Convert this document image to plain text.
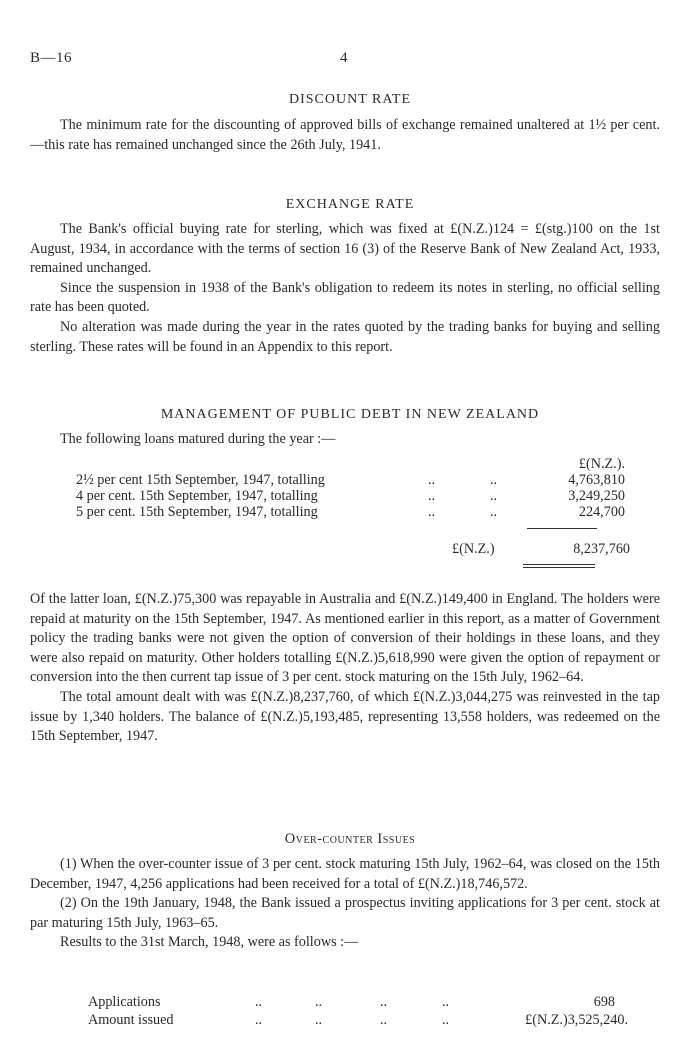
B—16	4
DISCOUNT RATE

The minimum rate for the discounting of approved bills of exchange remained unaltered at 1½ per cent.—this rate has remained unchanged since the 26th July, 1941.

EXCHANGE RATE

The Bank's official buying rate for sterling, which was fixed at £(N.Z.)124 = £(stg.)100 on the 1st August, 1934, in accordance with the terms of section 16 (3) of the Reserve Bank of New Zealand Act, 1933, remained unchanged.

Since the suspension in 1938 of the Bank's obligation to redeem its notes in sterling, no official selling rate has been quoted.

No alteration was made during the year in the rates quoted by the trading banks for buying and selling sterling. These rates will be found in an Appendix to this report.

MANAGEMENT OF PUBLIC DEBT IN NEW ZEALAND

The following loans matured during the year :—

£(N.Z.).
2½ per cent 15th September, 1947, totalling	..	..	4,763,810
4 per cent. 15th September, 1947, totalling	..	..	3,249,250
5 per cent. 15th September, 1947, totalling	..	..	224,700
£(N.Z.)	8,237,760

Of the latter loan, £(N.Z.)75,300 was repayable in Australia and £(N.Z.)149,400 in England. The holders were repaid at maturity on the 15th September, 1947. As mentioned earlier in this report, as a matter of Government policy the trading banks were not given the option of conversion of their holdings in these loans, and they were also repaid on maturity. Other holders totalling £(N.Z.)5,618,990 were given the option of repayment or conversion into the then current tap issue of 3 per cent. stock maturing on the 15th July, 1962–64.

The total amount dealt with was £(N.Z.)8,237,760, of which £(N.Z.)3,044,275 was reinvested in the tap issue by 1,340 holders. The balance of £(N.Z.)5,193,485, representing 13,558 holders, was redeemed on the 15th September, 1947.

Over-counter Issues

(1) When the over-counter issue of 3 per cent. stock maturing 15th July, 1962–64, was closed on the 15th December, 1947, 4,256 applications had been received for a total of £(N.Z.)18,746,572.

(2) On the 19th January, 1948, the Bank issued a prospectus inviting applications for 3 per cent. stock at par maturing 15th July, 1963–65.

Results to the 31st March, 1948, were as follows :—

Applications	..	..	..	..	698
Amount issued	..	..	..	..	£(N.Z.)3,525,240.
